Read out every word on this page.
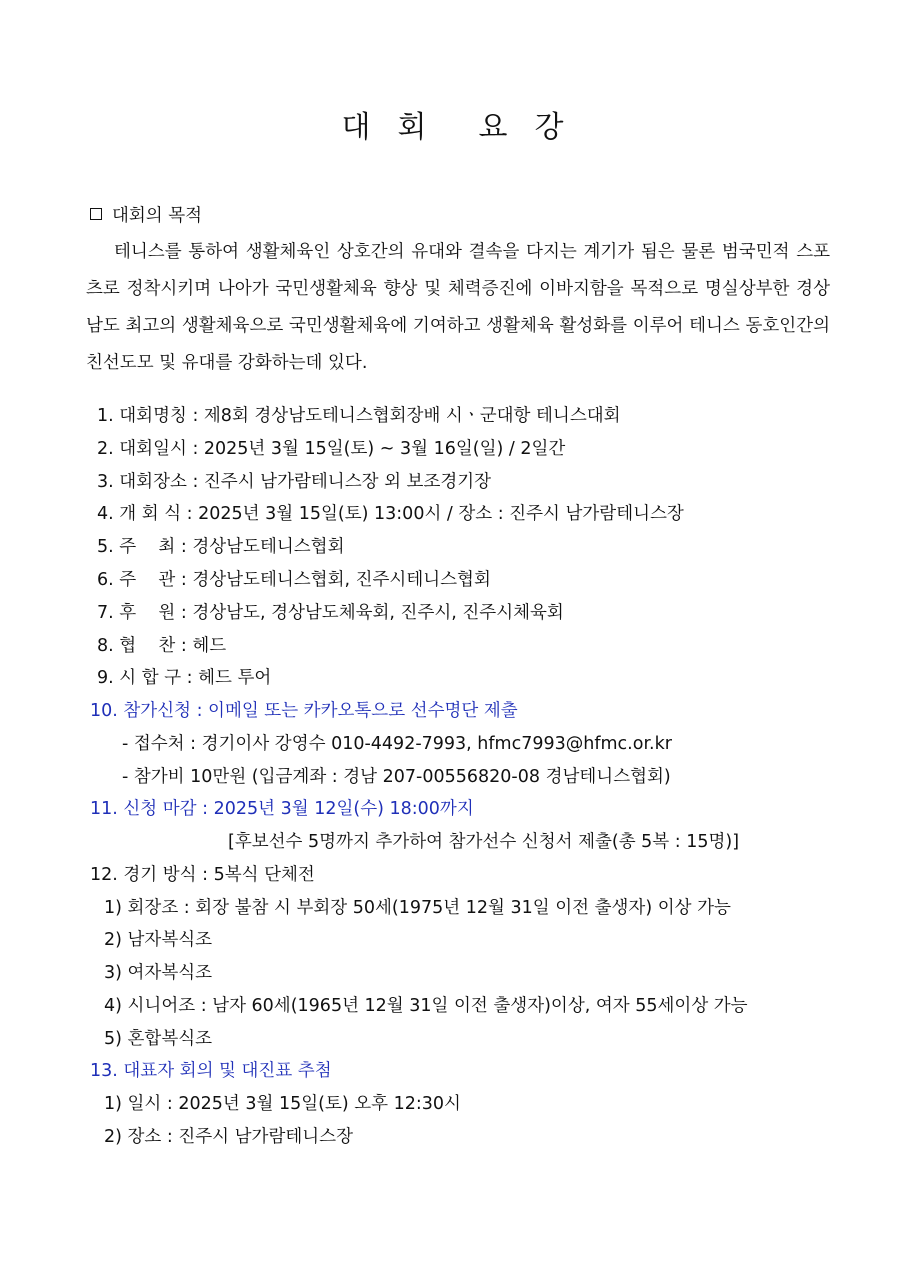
대 회 요 강
대회의 목적
테니스를 통하여 생활체육인 상호간의 유대와 결속을 다지는 계기가 됨은 물론 범국민적 스포츠로 정착시키며 나아가 국민생활체육 향상 및 체력증진에 이바지함을 목적으로 명실상부한 경상남도 최고의 생활체육으로 국민생활체육에 기여하고 생활체육 활성화를 이루어 테니스 동호인간의 친선도모 및 유대를 강화하는데 있다.
1. 대회명칭 : 제8회 경상남도테니스협회장배 시ㆍ군대항 테니스대회
2. 대회일시 : 2025년 3월 15일(토) ~ 3월 16일(일) / 2일간
3. 대회장소 : 진주시 남가람테니스장 외 보조경기장
4. 개 회 식 : 2025년 3월 15일(토) 13:00시 / 장소 : 진주시 남가람테니스장
5. 주    최 : 경상남도테니스협회
6. 주    관 : 경상남도테니스협회, 진주시테니스협회
7. 후    원 : 경상남도, 경상남도체육회, 진주시, 진주시체육회
8. 협    찬 : 헤드
9. 시 합 구 : 헤드 투어
10. 참가신청 : 이메일 또는 카카오톡으로 선수명단 제출
- 접수처 : 경기이사 강영수 010-4492-7993, hfmc7993@hfmc.or.kr
- 참가비 10만원 (입금계좌 : 경남 207-00556820-08 경남테니스협회)
11. 신청 마감 : 2025년 3월 12일(수) 18:00까지
[후보선수 5명까지 추가하여 참가선수 신청서 제출(총 5복 : 15명)]
12. 경기 방식 : 5복식 단체전
1) 회장조 : 회장 불참 시 부회장 50세(1975년 12월 31일 이전 출생자) 이상 가능
2) 남자복식조
3) 여자복식조
4) 시니어조 : 남자 60세(1965년 12월 31일 이전 출생자)이상, 여자 55세이상 가능
5) 혼합복식조
13. 대표자 회의 및 대진표 추첨
1) 일시 : 2025년 3월 15일(토) 오후 12:30시
2) 장소 : 진주시 남가람테니스장
